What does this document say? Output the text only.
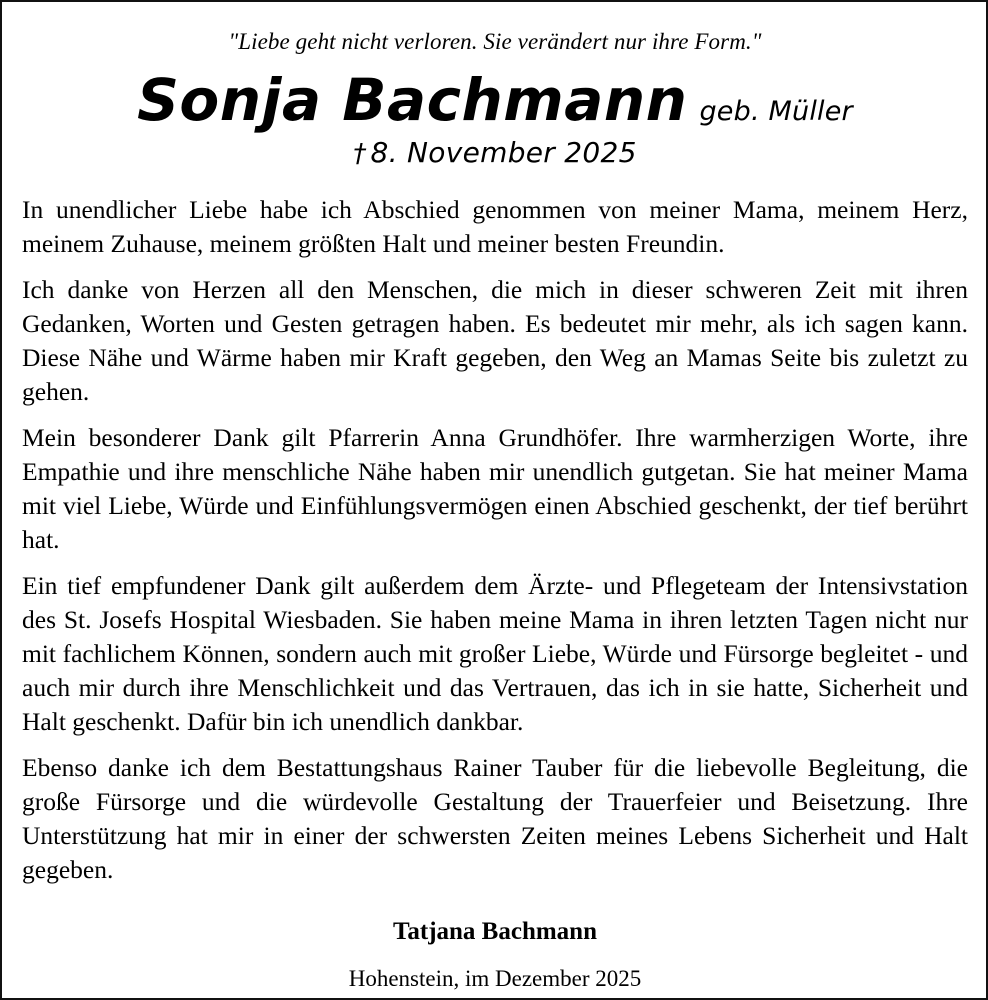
"Liebe geht nicht verloren. Sie verändert nur ihre Form."
Sonja Bachmann geb. Müller
† 8. November 2025

In unendlicher Liebe habe ich Abschied genommen von meiner Mama, meinem Herz, meinem Zuhause, meinem größten Halt und meiner besten Freundin.

Ich danke von Herzen all den Menschen, die mich in dieser schweren Zeit mit ihren Gedanken, Worten und Gesten getragen haben. Es bedeutet mir mehr, als ich sagen kann. Diese Nähe und Wärme haben mir Kraft gegeben, den Weg an Mamas Seite bis zuletzt zu gehen.

Mein besonderer Dank gilt Pfarrerin Anna Grundhöfer. Ihre warmherzigen Worte, ihre Empathie und ihre menschliche Nähe haben mir unendlich gutgetan. Sie hat meiner Mama mit viel Liebe, Würde und Einfühlungsvermögen einen Abschied geschenkt, der tief berührt hat.

Ein tief empfundener Dank gilt außerdem dem Ärzte- und Pflegeteam der Intensivstation des St. Josefs Hospital Wiesbaden. Sie haben meine Mama in ihren letzten Tagen nicht nur mit fachlichem Können, sondern auch mit großer Liebe, Würde und Fürsorge begleitet - und auch mir durch ihre Menschlichkeit und das Vertrauen, das ich in sie hatte, Sicherheit und Halt geschenkt. Dafür bin ich unendlich dankbar.

Ebenso danke ich dem Bestattungshaus Rainer Tauber für die liebevolle Begleitung, die große Fürsorge und die würdevolle Gestaltung der Trauerfeier und Beisetzung. Ihre Unterstützung hat mir in einer der schwersten Zeiten meines Lebens Sicherheit und Halt gegeben.

Tatjana Bachmann
Hohenstein, im Dezember 2025
